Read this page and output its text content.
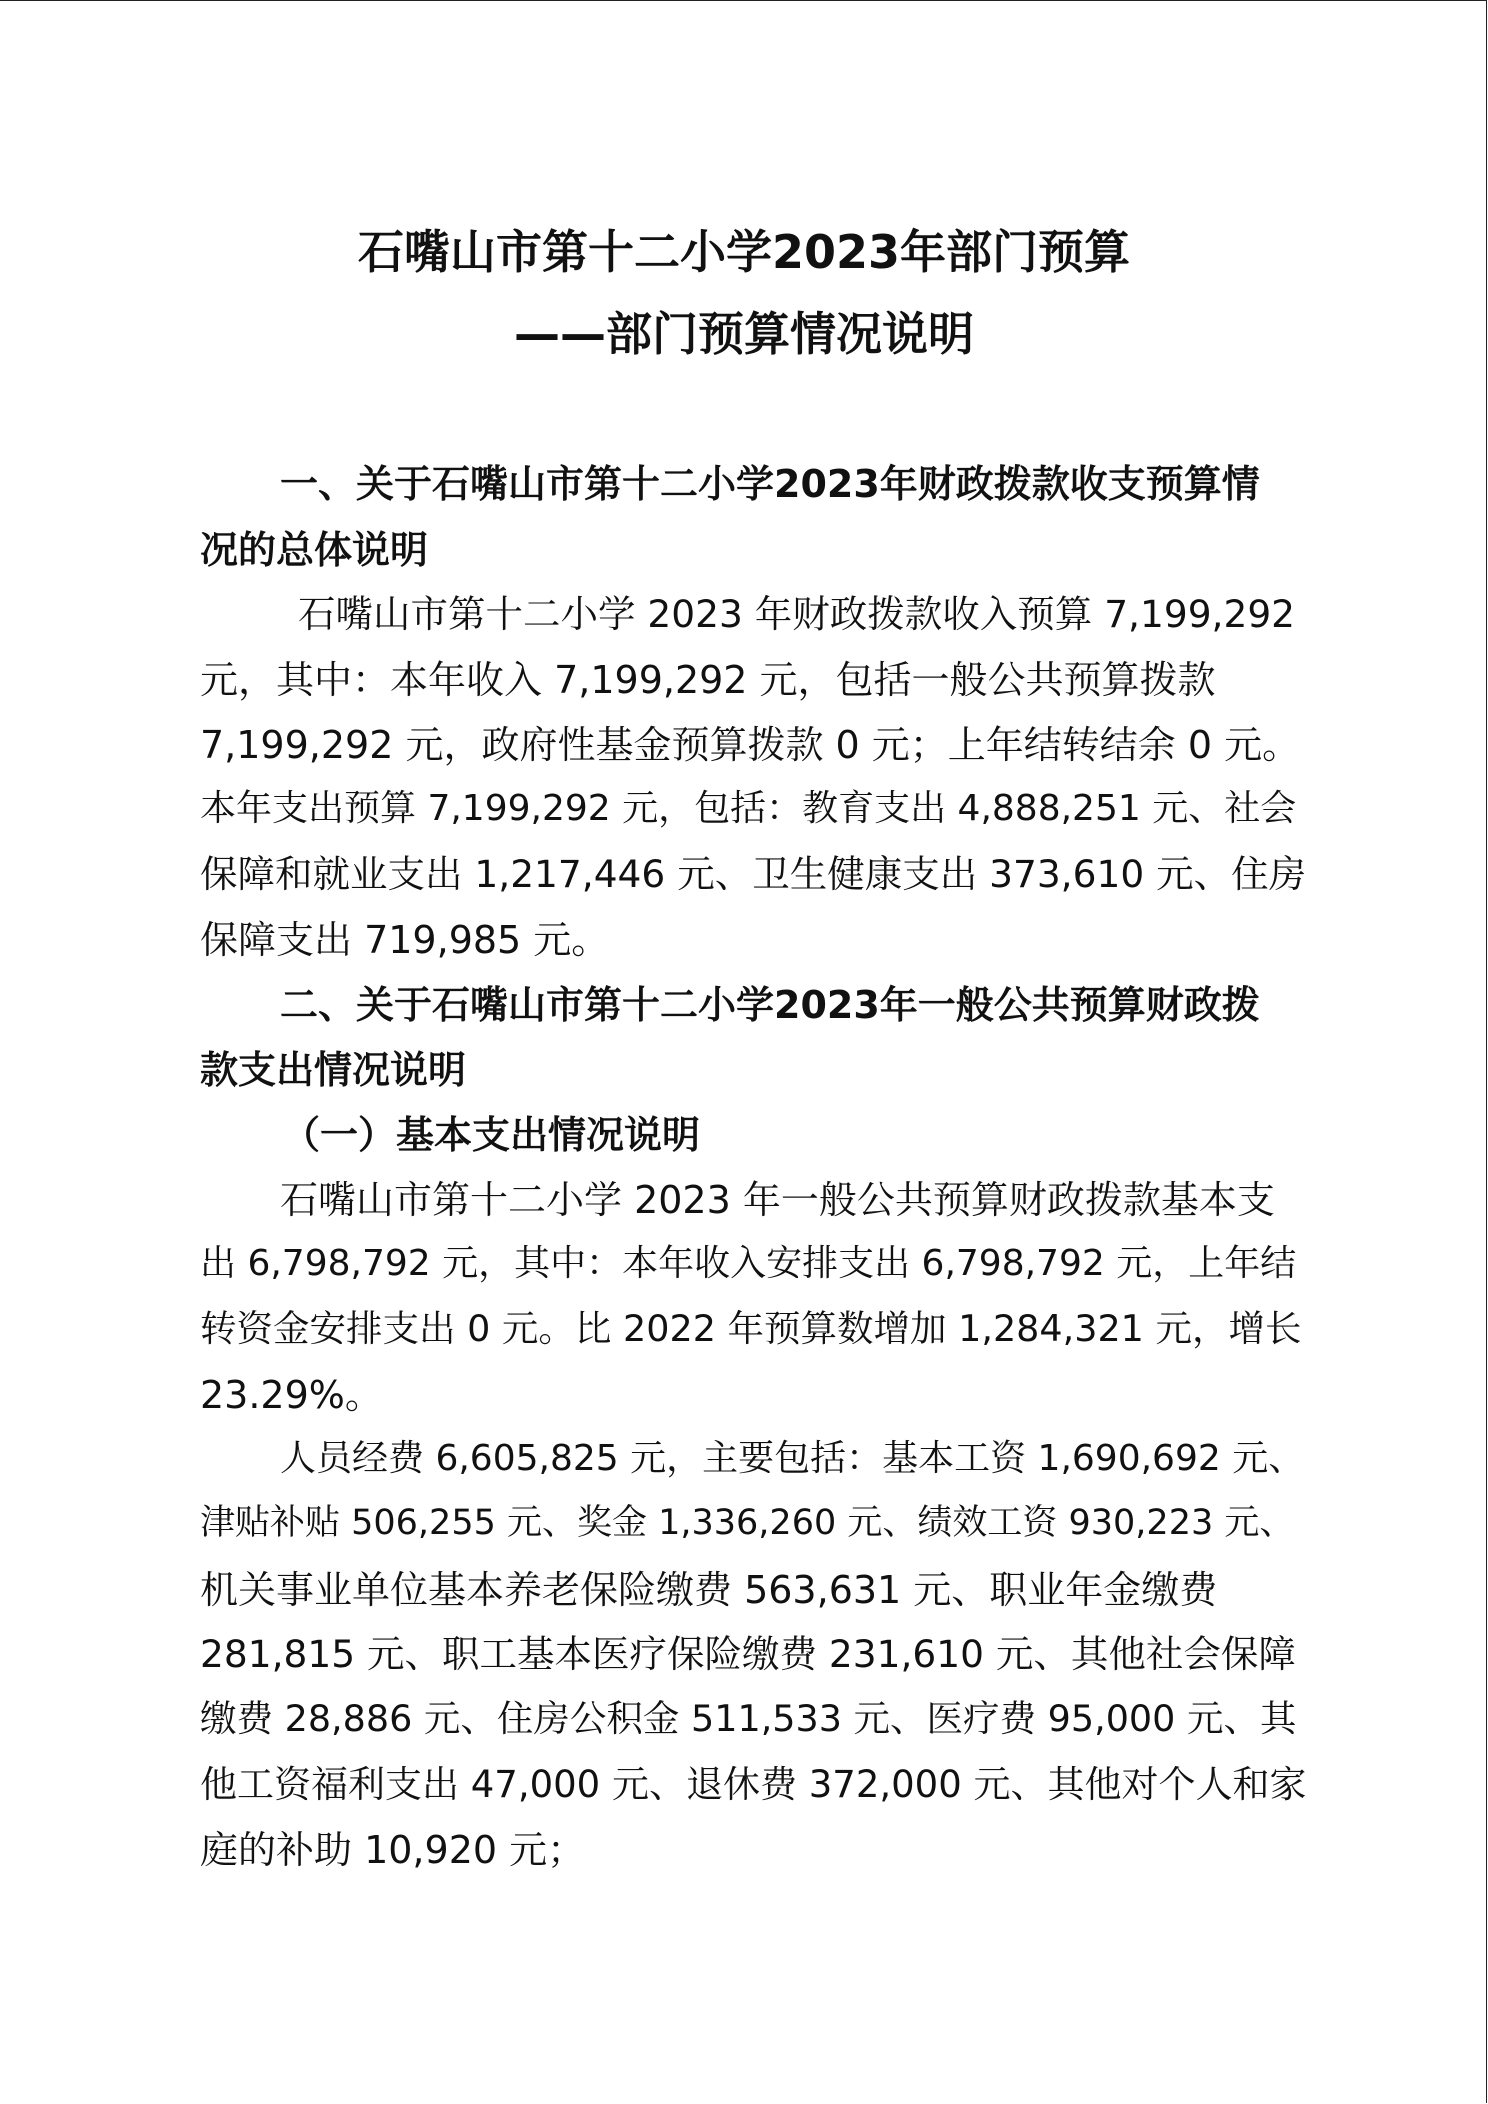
石嘴山市第十二小学2023年部门预算
——部门预算情况说明
一、关于石嘴山市第十二小学2023年财政拨款收支预算情
况的总体说明
石嘴山市第十二小学 2023 年财政拨款收入预算 7,199,292
元，其中：本年收入 7,199,292 元，包括一般公共预算拨款
7,199,292 元，政府性基金预算拨款 0 元；上年结转结余 0 元。
本年支出预算 7,199,292 元，包括：教育支出 4,888,251 元、社会
保障和就业支出 1,217,446 元、卫生健康支出 373,610 元、住房
保障支出 719,985 元。
二、关于石嘴山市第十二小学2023年一般公共预算财政拨
款支出情况说明
（一）基本支出情况说明
石嘴山市第十二小学 2023 年一般公共预算财政拨款基本支
出 6,798,792 元，其中：本年收入安排支出 6,798,792 元，上年结
转资金安排支出 0 元。比 2022 年预算数增加 1,284,321 元，增长
23.29%。
人员经费 6,605,825 元，主要包括：基本工资 1,690,692 元、
津贴补贴 506,255 元、奖金 1,336,260 元、绩效工资 930,223 元、
机关事业单位基本养老保险缴费 563,631 元、职业年金缴费
281,815 元、职工基本医疗保险缴费 231,610 元、其他社会保障
缴费 28,886 元、住房公积金 511,533 元、医疗费 95,000 元、其
他工资福利支出 47,000 元、退休费 372,000 元、其他对个人和家
庭的补助 10,920 元；
